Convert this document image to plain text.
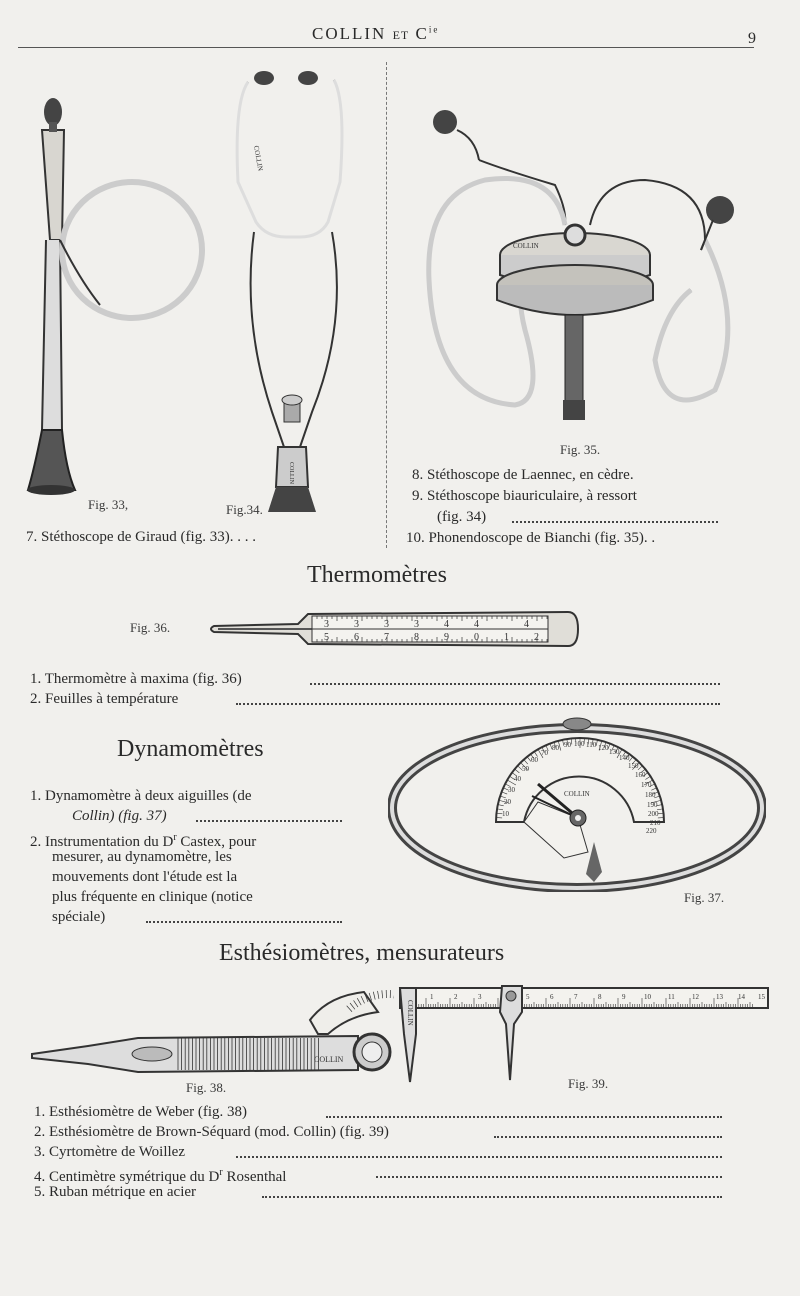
COLLIN ET $C^{ie}$
9
COLLIN
COLLIN
COLLIN
Fig. 33,	Fig.34.
Fig. 35.
7. Stéthoscope de Giraud (fig. 33). . . .
8. Stéthoscope de Laennec, en cèdre.
9. Stéthoscope biauriculaire, à ressort
(fig. 34)
10. Phonendoscope de Bianchi (fig. 35). .
Thermomètres
Fig. 36.	3	3	3	3	4	4	4
5	6	7	8	9	0	1	2
1. Thermomètre à maxima (fig. 36)
2. Feuilles à température
Dynamomètres
1. Dynamomètre à deux aiguilles (de
Collin) (fig. 37)
2. Instrumentation du $D^r$ Castex, pour
mesurer, au dynamomètre, les
mouvements dont l'étude est la
plus fréquente en clinique (notice
spéciale)
10
20
30
40
50
60
70
80 90 100 110 120 130
140
150
160
170
180
190
200
210
220
COLLIN
Fig. 37.
Esthésiomètres, mensurateurs
COLLIN
Fig. 38.
1	2	3	5	6	7	8	9	10 11 12 13 14 15
COLLIN
Fig. 39.
1. Esthésiomètre de Weber (fig. 38)
2. Esthésiomètre de Brown-Séquard (mod. Collin) (fig. 39)
3. Cyrtomètre de Woillez
4. Centimètre symétrique du $D^r$ Rosenthal
5. Ruban métrique en acier
